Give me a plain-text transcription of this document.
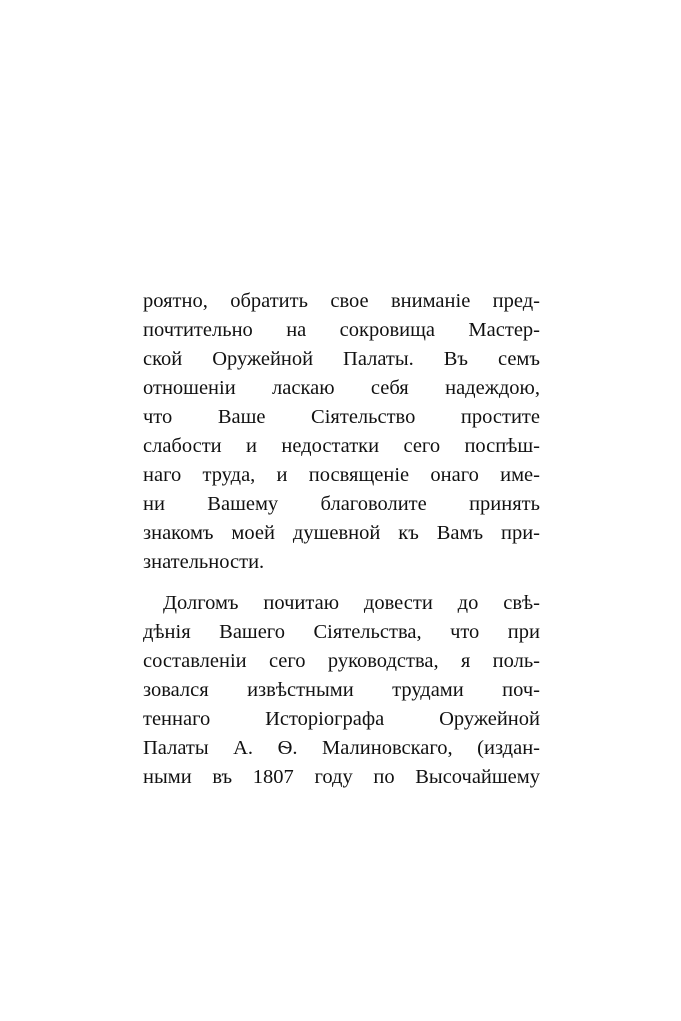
роятно, обратить свое вниманіе пред-
почтительно на сокровища Мастер-
ской Оружейной Палаты. Въ семъ
отношеніи ласкаю себя надеждою,
что Ваше Сіятельство простите
слабости и недостатки сего поспѣш-
наго труда, и посвященіе онаго име-
ни Вашему благоволите принять
знакомъ моей душевной къ Вамъ при-
знательности.
Долгомъ почитаю довести до свѣ-
дѣнія Вашего Сіятельства, что при
составленіи сего руководства, я поль-
зовался извѣстными трудами поч-
теннаго Исторіографа Оружейной
Палаты А. Ѳ. Малиновскаго, (издан-
ными въ 1807 году по Высочайшему
